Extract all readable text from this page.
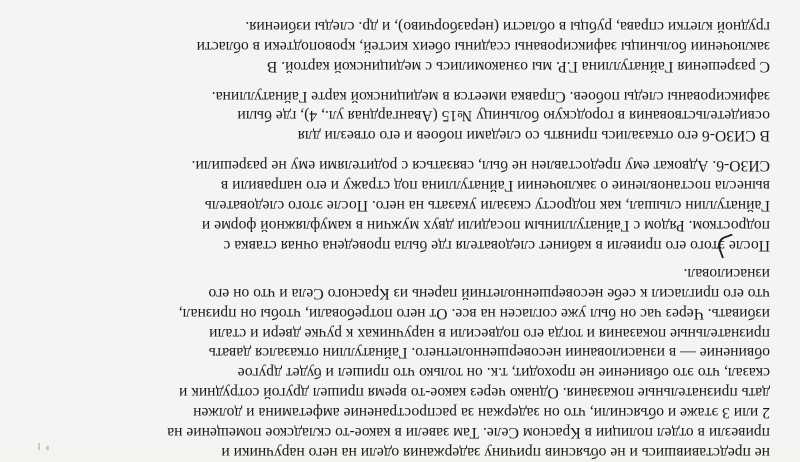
не представившись и не объяснив причину задержания одели на него наручники и
привезли в отдел полиции в Красном Селе. Там завели в какое-то складское помещение на
2 или 3 этаже и объяснили, что он задержан за распространение амфетамина и должен
дать признательные показания. Однако через какое-то время пришел другой сотрудник и
сказал, что это обвинение не проходит, т.к. он только что пришел и будет другое
обвинение — в изнасиловании несовершеннолетнего. Гайнатуллин отказался давать
признательные показания и тогда его подвесили в наручниках к ручке двери и стали
избивать. Через час он был уже согласен на все. От него потребовали, чтобы он признал,
что его пригласил к себе несовершеннолетний парень из Красного Села и что он его
изнасиловал.

После этого его привели в кабинет следователя где была проведена очная ставка с
подростком. Рядом с Гайнатуллиным посадили двух мужчин в камуфляжной форме и
Гайнатуллин слышал, как подросту сказали указать на него. После этого следователь
вынесла постановление о заключении Гайнатуллина под стражу и его направили в
СИЗО-6. Адвокат ему предоставлен не был, связаться с родителями ему не разрешили.

В СИЗО-6 его отказались принять со следами побоев и его отвезли для
освидетельствования в городскую больницу №15 (Авангардная ул., 4), где были
зафиксированы следы побоев. Справка имеется в медицинской карте Гайнатуллина.

С разрешения Гайнатуллина Г.Р. мы ознакомились с медицинской картой. В
заключении больницы зафиксированы ссадины обеих кистей, кровоподтеки в области
грудной клетки справа, рубцы в области (неразборчиво), и др. следы избиения.
